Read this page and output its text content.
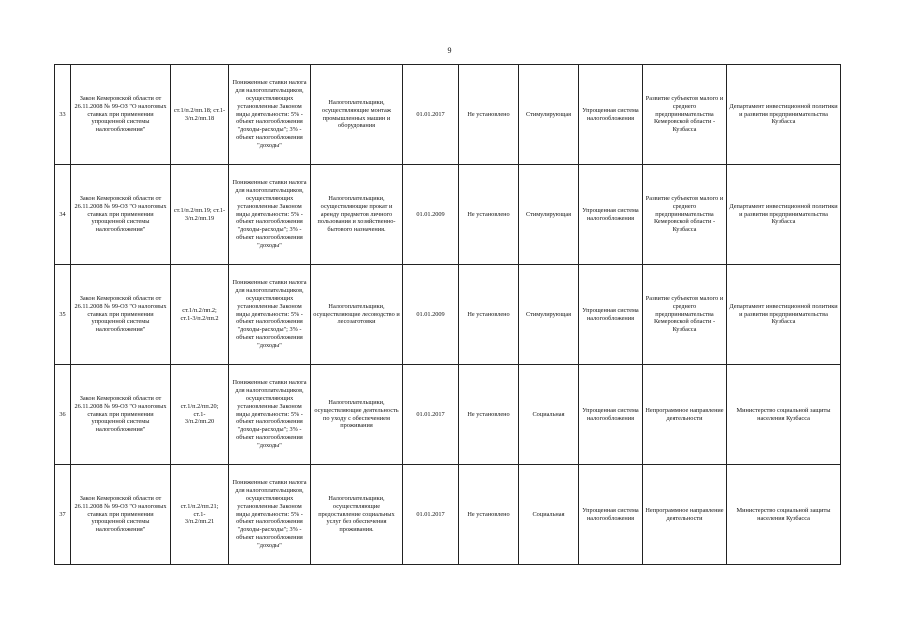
9
33	Закон Кемеровской области от 26.11.2008 № 99-ОЗ "О налоговых ставках при применении упрощенной системы налогообложения"	ст.1/п.2/пп.18; ст.1-
3/п.2/пп.18	Пониженные ставки налога для налогоплательщиков, осуществляющих установленные Законом виды деятельности: 5% - объект налогообложения "доходы-расходы"; 3% - объект налогообложения "доходы"	Налогоплательщики, осуществляющие монтаж промышленных машин и оборудования	01.01.2017	Не установлено	Стимулирующая	Упрощенная система налогообложения	Развитие субъектов малого и среднего предпринимательства Кемеровской области - Кузбасса	Департамент инвестиционной политики и развития предпринимательства Кузбасса
34	Закон Кемеровской области от 26.11.2008 № 99-ОЗ "О налоговых ставках при применении упрощенной системы налогообложения"	ст.1/п.2/пп.19; ст.1-
3/п.2/пп.19	Пониженные ставки налога для налогоплательщиков, осуществляющих установленные Законом виды деятельности: 5% - объект налогообложения "доходы-расходы"; 3% - объект налогообложения "доходы"	Налогоплательщики, осуществляющие прокат и аренду предметов личного пользования и хозяйственно-бытового назначения.	01.01.2009	Не установлено	Стимулирующая	Упрощенная система налогообложения	Развитие субъектов малого и среднего предпринимательства Кемеровской области - Кузбасса	Департамент инвестиционной политики и развития предпринимательства Кузбасса
35	Закон Кемеровской области от 26.11.2008 № 99-ОЗ "О налоговых ставках при применении упрощенной системы налогообложения"	ст.1/п.2/пп.2;
ст.1-3/п.2/пп.2	Пониженные ставки налога для налогоплательщиков, осуществляющих установленные Законом виды деятельности: 5% - объект налогообложения "доходы-расходы"; 3% - объект налогообложения "доходы"	Налогоплательщики, осуществляющие лесоводство и лесозаготовки	01.01.2009	Не установлено	Стимулирующая	Упрощенная система налогообложения	Развитие субъектов малого и среднего предпринимательства Кемеровской области - Кузбасса	Департамент инвестиционной политики и развития предпринимательства Кузбасса
36	Закон Кемеровской области от 26.11.2008 № 99-ОЗ "О налоговых ставках при применении упрощенной системы налогообложения"	ст.1/п.2/пп.20;
ст.1-
3/п.2/пп.20	Пониженные ставки налога для налогоплательщиков, осуществляющих установленные Законом виды деятельности: 5% - объект налогообложения "доходы-расходы"; 3% - объект налогообложения "доходы"	Налогоплательщики, осуществляющие деятельность по уходу с обеспечением проживания	01.01.2017	Не установлено	Социальная	Упрощенная система налогообложения	Непрограммное направление деятельности	Министерство социальной защиты населения Кузбасса
37	Закон Кемеровской области от 26.11.2008 № 99-ОЗ "О налоговых ставках при применении упрощенной системы налогообложения"	ст.1/п.2/пп.21;
ст.1-
3/п.2/пп.21	Пониженные ставки налога для налогоплательщиков, осуществляющих установленные Законом виды деятельности: 5% - объект налогообложения "доходы-расходы"; 3% - объект налогообложения "доходы"	Налогоплательщики, осуществляющие предоставление социальных услуг без обеспечения проживания.	01.01.2017	Не установлено	Социальная	Упрощенная система налогообложения	Непрограммное направление деятельности	Министерство социальной защиты населения Кузбасса
